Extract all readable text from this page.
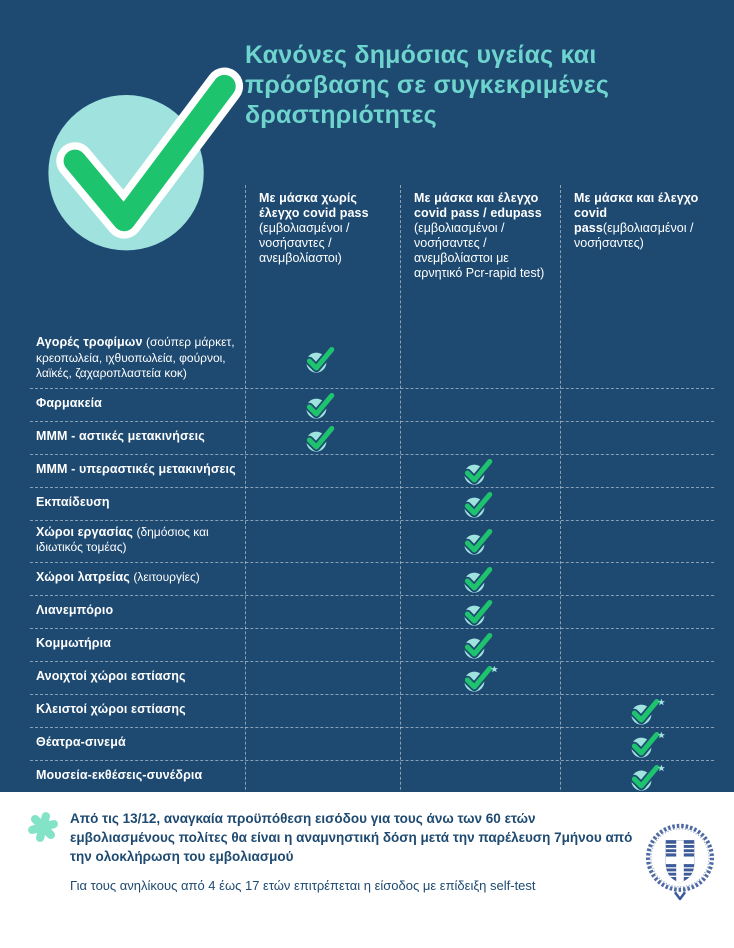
Κανόνες δημόσιας υγείας και πρόσβασης σε συγκεκριμένες δραστηριότητες
Με μάσκα χωρίς έλεγχο covid pass (εμβολιασμένοι / νοσήσαντες / ανεμβολίαστοι)
Με μάσκα και έλεγχο covid pass / edupass (εμβολιασμένοι / νοσήσαντες / ανεμβολίαστοι με αρνητικό Pcr-rapid test)
Με μάσκα και έλεγχο covid pass(εμβολιασμένοι /νοσήσαντες)
Αγορές τροφίμων (σούπερ μάρκετ, κρεοπωλεία, ιχθυοπωλεία, φούρνοι, λαϊκές, ζαχαροπλαστεία κοκ)
Φαρμακεία
ΜΜΜ - αστικές μετακινήσεις
ΜΜΜ - υπεραστικές μετακινήσεις
Εκπαίδευση
Χώροι εργασίας (δημόσιος και ιδιωτικός τομέας)
Χώροι λατρείας (λειτουργίες)
Λιανεμπόριο
Κομμωτήρια
Ανοιχτοί χώροι εστίασης
Κλειστοί χώροι εστίασης
Θέατρα-σινεμά
Μουσεία-εκθέσεις-συνέδρια

Από τις 13/12, αναγκαία προϋπόθεση εισόδου για τους άνω των 60 ετών εμβολιασμένους πολίτες θα είναι η αναμνηστική δόση μετά την παρέλευση 7μήνου από την ολοκλήρωση του εμβολιασμού

Για τους ανηλίκους από 4 έως 17 ετών επιτρέπεται η είσοδος με επίδειξη self-test
